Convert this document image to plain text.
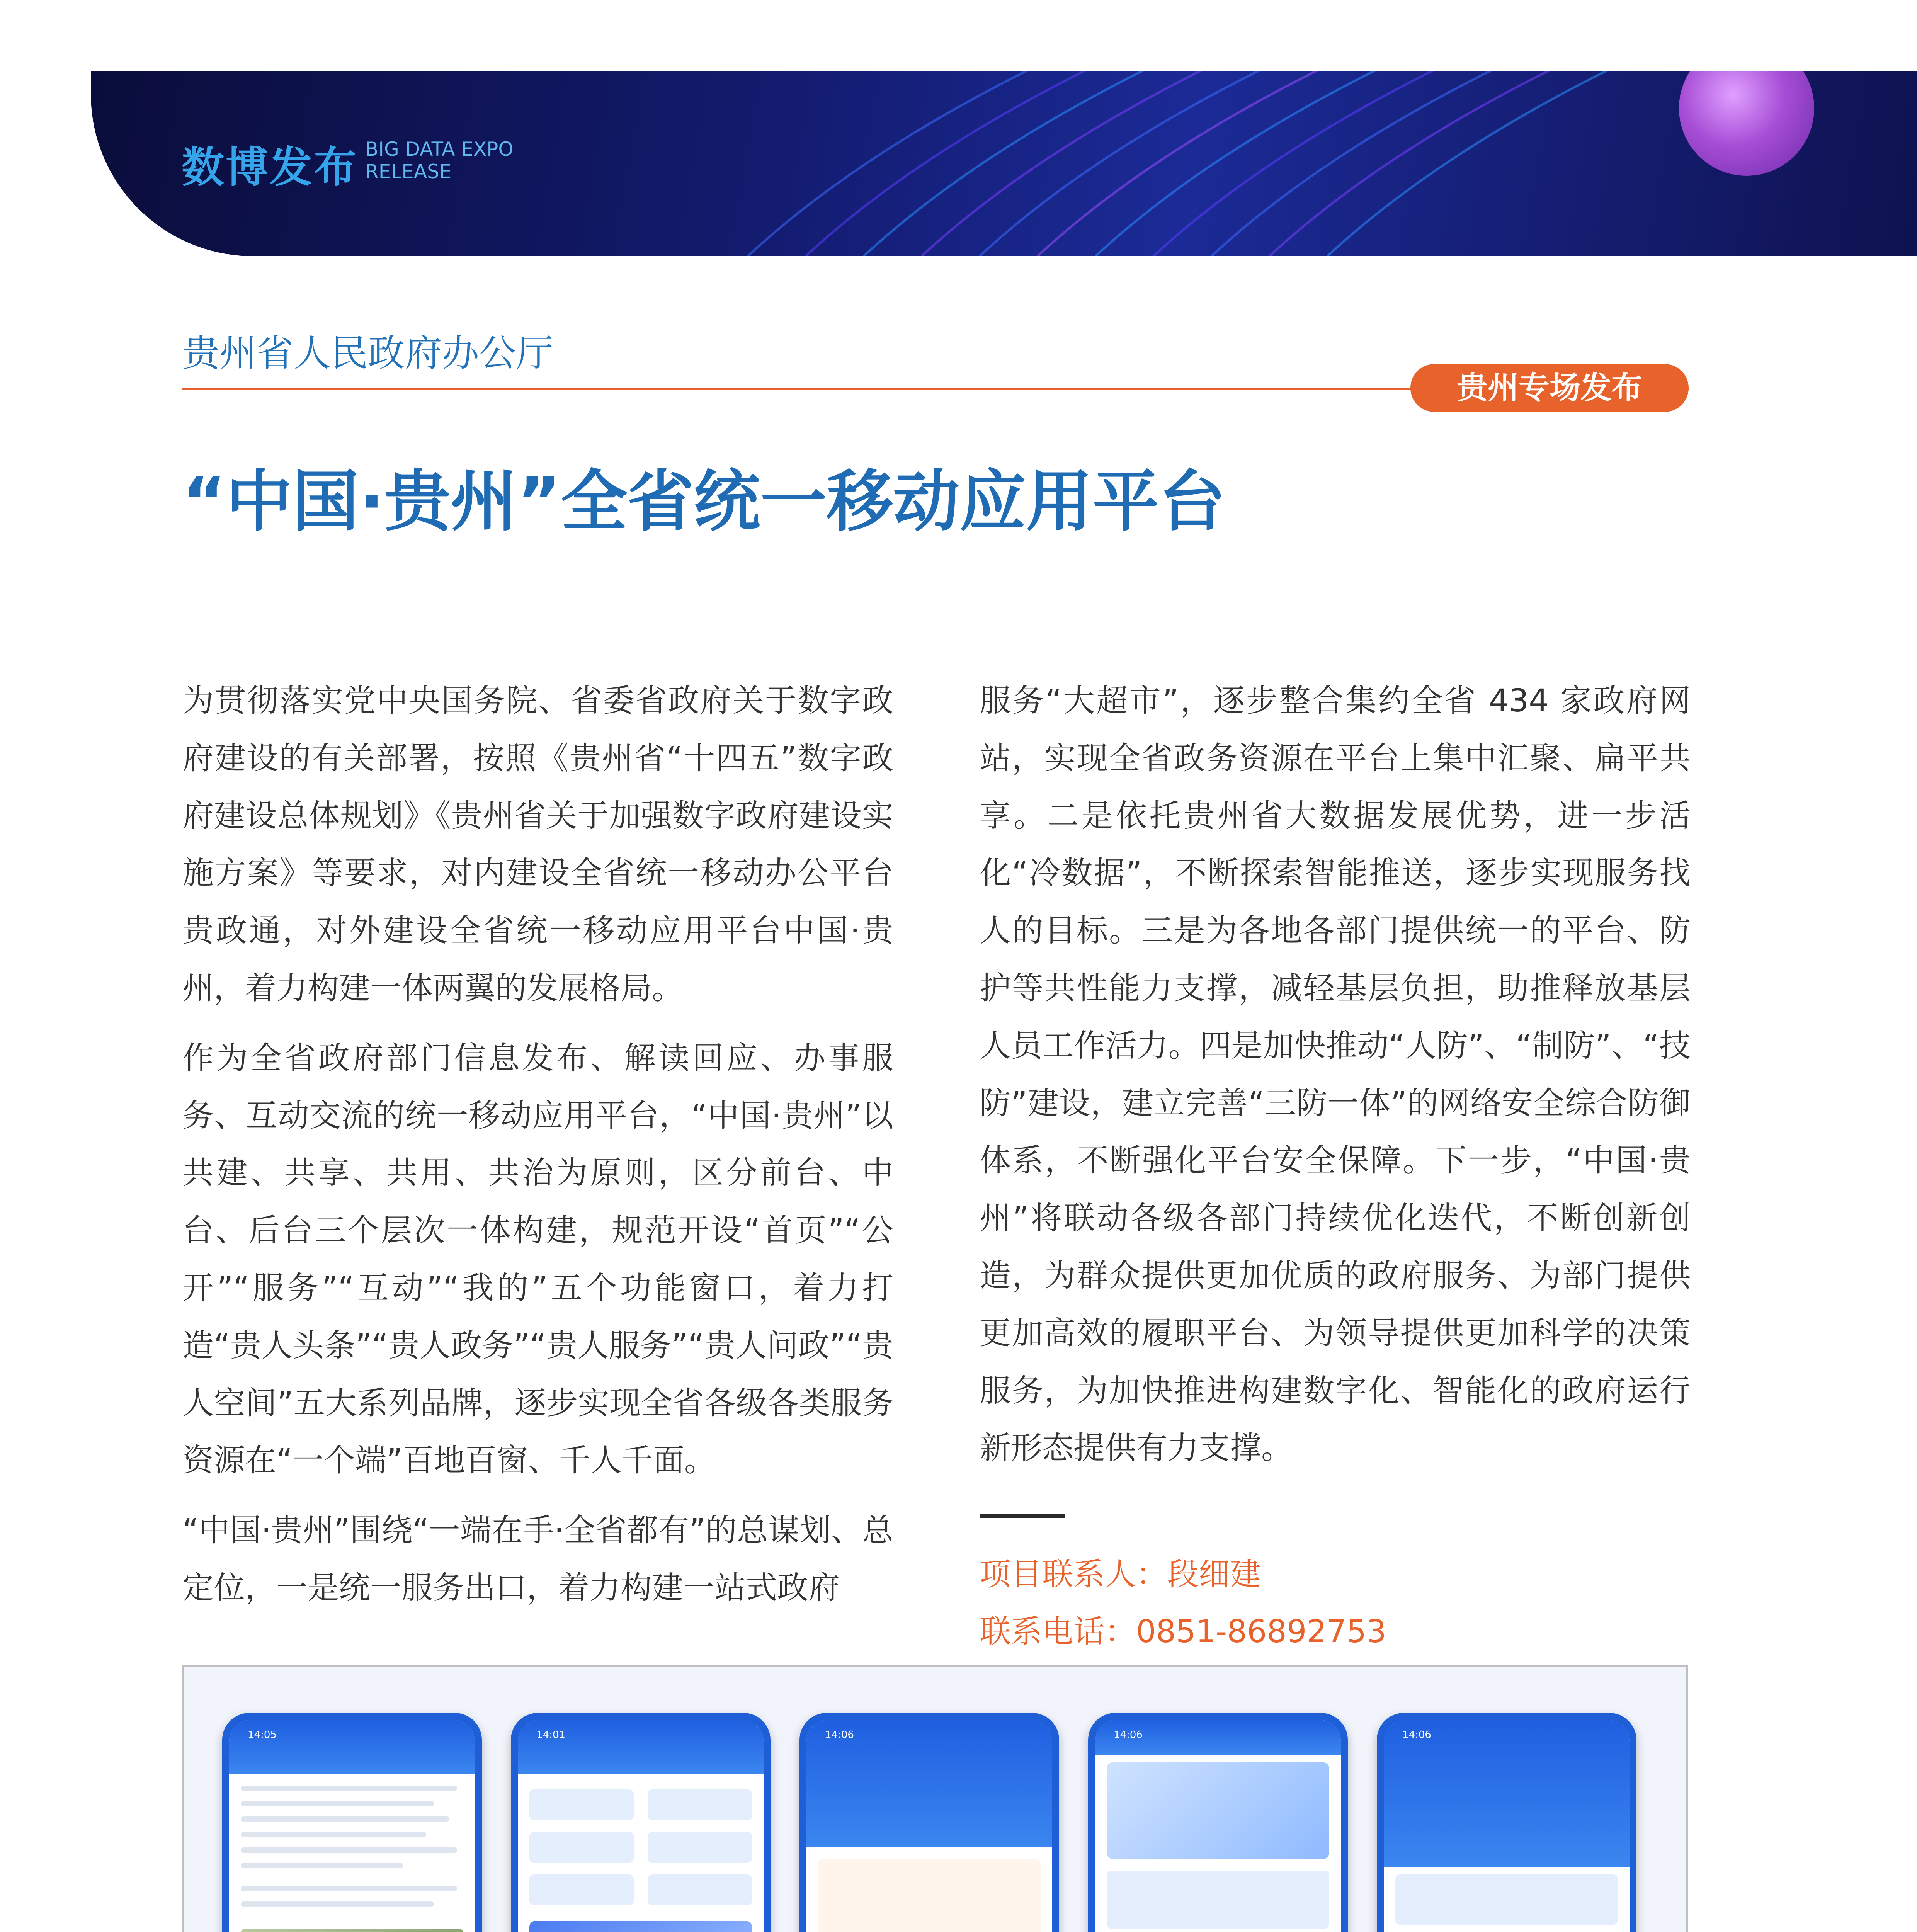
数博发布 BIG DATA EXPO
RELEASE
贵州省人民政府办公厅
贵州专场发布
“中国·贵州”全省统一移动应用平台

为贯彻落实党中央国务院、省委省政府关于数字政府建设的有关部署，按照《贵州省“十四五”数字政府建设总体规划》《贵州省关于加强数字政府建设实施方案》等要求，对内建设全省统一移动办公平台贵政通，对外建设全省统一移动应用平台中国·贵州，着力构建一体两翼的发展格局。

作为全省政府部门信息发布、解读回应、办事服务、互动交流的统一移动应用平台，“中国·贵州”以共建、共享、共用、共治为原则，区分前台、中台、后台三个层次一体构建，规范开设“首页”“公开”“服务”“互动”“我的”五个功能窗口，着力打造“贵人头条”“贵人政务”“贵人服务”“贵人问政”“贵人空间”五大系列品牌，逐步实现全省各级各类服务资源在“一个端”百地百窗、千人千面。

“中国·贵州”围绕“一端在手·全省都有”的总谋划、总定位，一是统一服务出口，着力构建一站式政府

服务“大超市”，逐步整合集约全省 434 家政府网站，实现全省政务资源在平台上集中汇聚、扁平共享。二是依托贵州省大数据发展优势，进一步活化“冷数据”，不断探索智能推送，逐步实现服务找人的目标。三是为各地各部门提供统一的平台、防护等共性能力支撑，减轻基层负担，助推释放基层人员工作活力。四是加快推动“人防”、“制防”、“技防”建设，建立完善“三防一体”的网络安全综合防御体系，不断强化平台安全保障。下一步，“中国·贵州”将联动各级各部门持续优化迭代，不断创新创造，为群众提供更加优质的政府服务、为部门提供更加高效的履职平台、为领导提供更加科学的决策服务，为加快推进构建数字化、智能化的政府运行新形态提供有力支撑。

项目联系人：段细建
联系电话：0851-86892753
14:05	14:01	14:06	14:06	14:06
